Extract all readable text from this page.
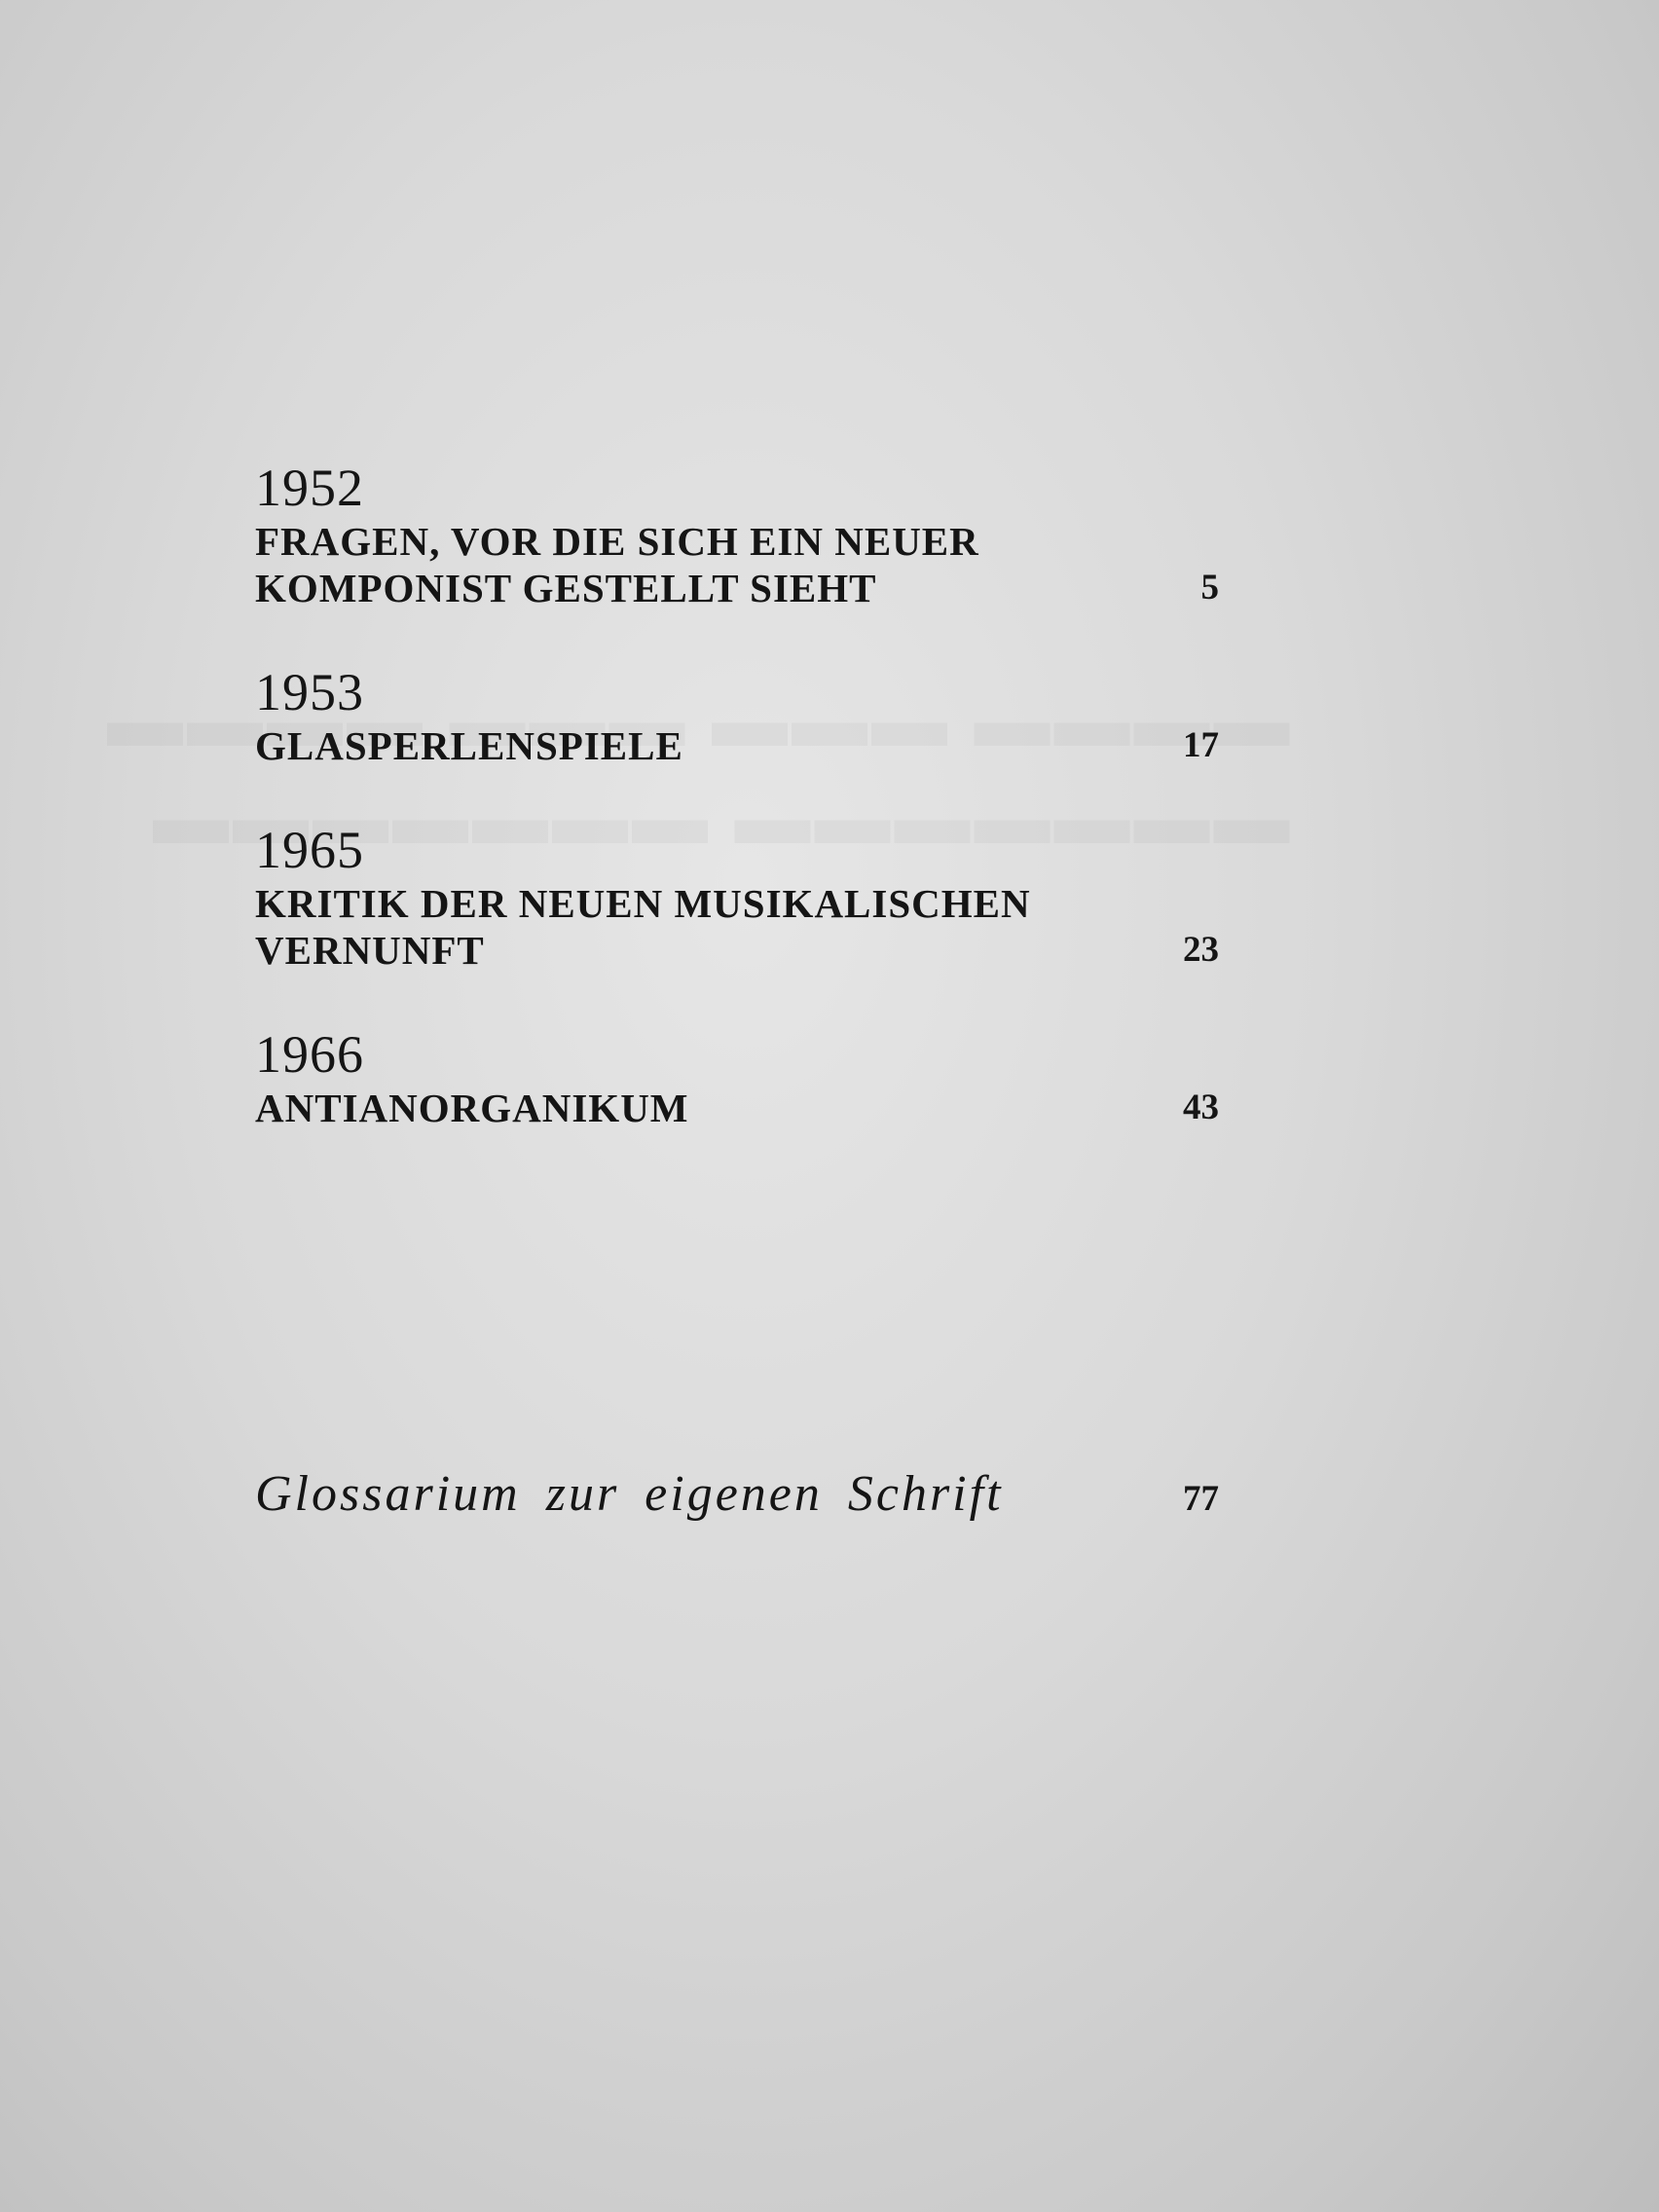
1952
FRAGEN, VOR DIE SICH EIN NEUER
KOMPONIST GESTELLT SIEHT	5
1953
GLASPERLENSPIELE	17
1965
KRITIK DER NEUEN MUSIKALISCHEN
VERNUNFT	23
1966
ANTIANORGANIKUM	43
Glossarium zur eigenen Schrift	77
